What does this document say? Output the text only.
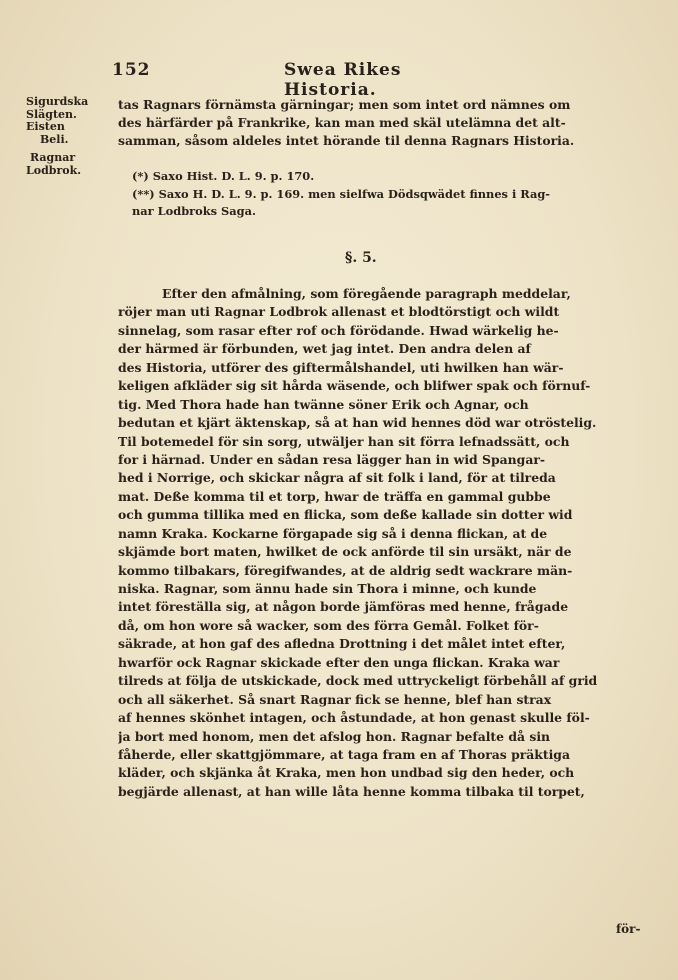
152	Swea Rikes Historia.
Sigurdska
Slägten.
Eisten
Beli.
Ragnar
Lodbrok.
tas Ragnars förnämsta gärningar; men som intet ord nämnes om
des härfärder på Frankrike, kan man med skäl utelämna det alt-
samman, såsom aldeles intet hörande til denna Ragnars Historia.
(*) Saxo Hist. D. L. 9. p. 170.
(**) Saxo H. D. L. 9. p. 169. men sielfwa Dödsqwädet finnes i Rag-
nar Lodbroks Saga.
§. 5.
Efter den afmålning, som föregående paragraph meddelar,
röjer man uti Ragnar Lodbrok allenast et blodtörstigt och wildt
sinnelag, som rasar efter rof och förödande. Hwad wärkelig he-
der härmed är förbunden, wet jag intet. Den andra delen af
des Historia, utförer des giftermålshandel, uti hwilken han wär-
keligen afkläder sig sit hårda wäsende, och blifwer spak och förnuf-
tig. Med Thora hade han twänne söner Erik och Agnar, och
bedutan et kjärt äktenskap, så at han wid hennes död war otröstelig.
Til botemedel för sin sorg, utwäljer han sit förra lefnadssätt, och
for i härnad. Under en sådan resa lägger han in wid Spangar-
hed i Norrige, och skickar några af sit folk i land, för at tilreda
mat. Deße komma til et torp, hwar de träffa en gammal gubbe
och gumma tillika med en flicka, som deße kallade sin dotter wid
namn Kraka. Kockarne förgapade sig så i denna flickan, at de
skjämde bort maten, hwilket de ock anförde til sin ursäkt, när de
kommo tilbakars, föregifwandes, at de aldrig sedt wackrare män-
niska. Ragnar, som ännu hade sin Thora i minne, och kunde
intet föreställa sig, at någon borde jämföras med henne, frågade
då, om hon wore så wacker, som des förra Gemål. Folket för-
säkrade, at hon gaf des afledna Drottning i det målet intet efter,
hwarför ock Ragnar skickade efter den unga flickan. Kraka war
tilreds at följa de utskickade, dock med uttryckeligt förbehåll af grid
och all säkerhet. Så snart Ragnar fick se henne, blef han strax
af hennes skönhet intagen, och åstundade, at hon genast skulle föl-
ja bort med honom, men det afslog hon. Ragnar befalte då sin
fåherde, eller skattgjömmare, at taga fram en af Thoras präktiga
kläder, och skjänka åt Kraka, men hon undbad sig den heder, och
begjärde allenast, at han wille låta henne komma tilbaka til torpet,
för-
